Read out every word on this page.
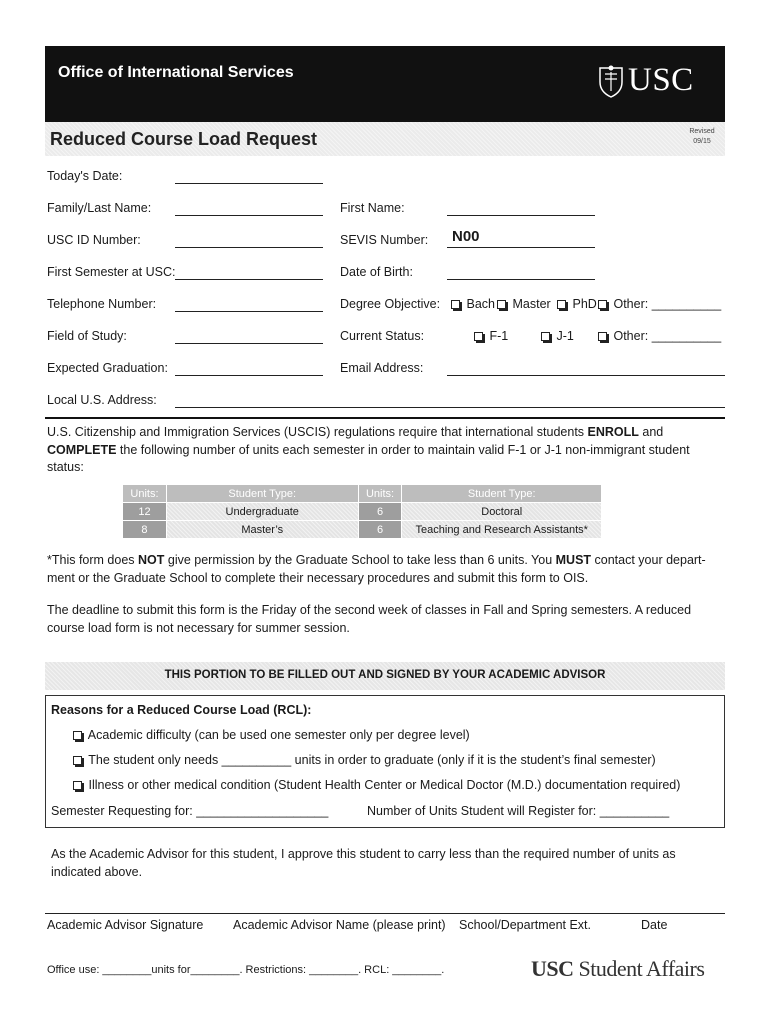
Office of International Services	USC
Reduced Course Load Request	Revised
09/15
Today's Date:
Family/Last Name:	First Name:
USC ID Number:	SEVIS Number: N00
First Semester at USC:	Date of Birth:
Telephone Number:	Degree Objective:	Bach	Master	PhD	Other: __________
Field of Study:	Current Status:	F-1	J-1	Other: __________
Expected Graduation:	Email Address:
Local U.S. Address:
U.S. Citizenship and Immigration Services (USCIS) regulations require that international students ENROLL and
COMPLETE the following number of units each semester in order to maintain valid F-1 or J-1 non-immigrant student
status:
Units:	Student Type:	Units:	Student Type:
12	Undergraduate	6	Doctoral
8	Master’s	6	Teaching and Research Assistants*
*This form does NOT give permission by the Graduate School to take less than 6 units. You MUST contact your depart-
ment or the Graduate School to complete their necessary procedures and submit this form to OIS.
The deadline to submit this form is the Friday of the second week of classes in Fall and Spring semesters. A reduced
course load form is not necessary for summer session.
THIS PORTION TO BE FILLED OUT AND SIGNED BY YOUR ACADEMIC ADVISOR
Reasons for a Reduced Course Load (RCL):
Academic difficulty (can be used one semester only per degree level)
The student only needs __________ units in order to graduate (only if it is the student’s final semester)
Illness or other medical condition (Student Health Center or Medical Doctor (M.D.) documentation required)
Semester Requesting for: ___________________	Number of Units Student will Register for: __________
As the Academic Advisor for this student, I approve this student to carry less than the required number of units as
indicated above.
Academic Advisor Signature Academic Advisor Name (please print) School/Department Ext.	Date
Office use: ________units for________. Restrictions: ________. RCL: ________.	USC Student Affairs
